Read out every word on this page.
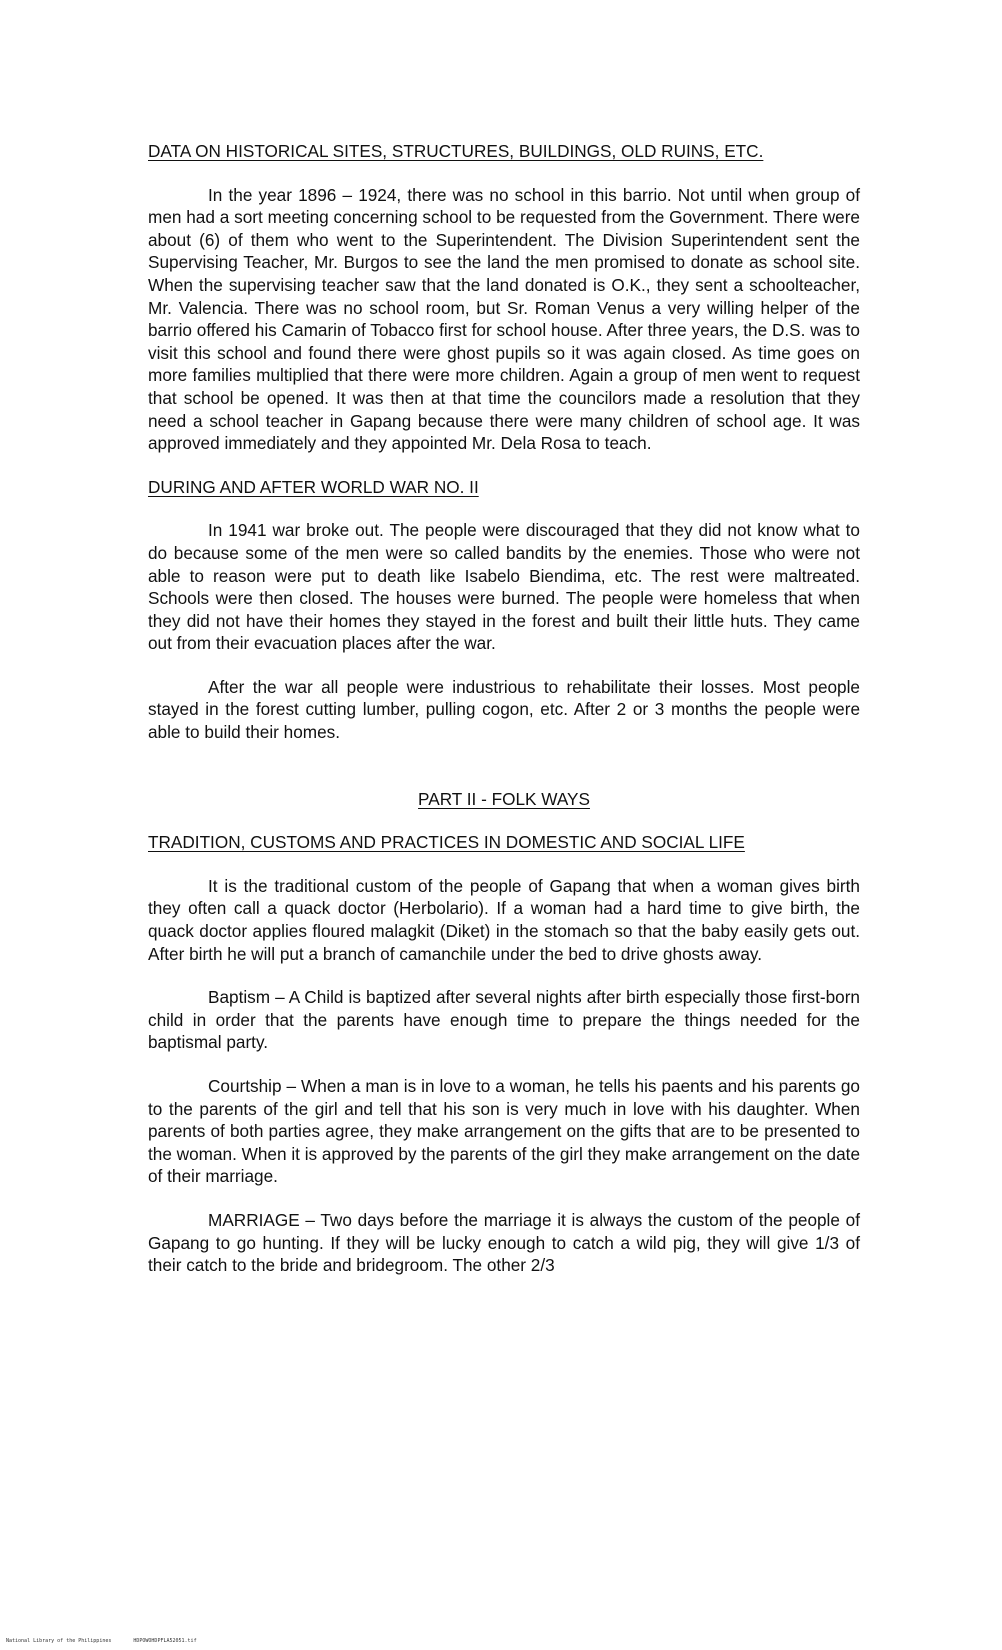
DATA ON HISTORICAL SITES, STRUCTURES, BUILDINGS, OLD RUINS, ETC.

In the year 1896 – 1924, there was no school in this barrio. Not until when group of men had a sort meeting concerning school to be requested from the Government. There were about (6) of them who went to the Superintendent. The Division Superintendent sent the Supervising Teacher, Mr. Burgos to see the land the men promised to donate as school site. When the supervising teacher saw that the land donated is O.K., they sent a schoolteacher, Mr. Valencia. There was no school room, but Sr. Roman Venus a very willing helper of the barrio offered his Camarin of Tobacco first for school house. After three years, the D.S. was to visit this school and found there were ghost pupils so it was again closed. As time goes on more families multiplied that there were more children. Again a group of men went to request that school be opened. It was then at that time the councilors made a resolution that they need a school teacher in Gapang because there were many children of school age. It was approved immediately and they appointed Mr. Dela Rosa to teach.

DURING AND AFTER WORLD WAR NO. II

In 1941 war broke out. The people were discouraged that they did not know what to do because some of the men were so called bandits by the enemies. Those who were not able to reason were put to death like Isabelo Biendima, etc. The rest were maltreated. Schools were then closed. The houses were burned. The people were homeless that when they did not have their homes they stayed in the forest and built their little huts. They came out from their evacuation places after the war.

After the war all people were industrious to rehabilitate their losses. Most people stayed in the forest cutting lumber, pulling cogon, etc. After 2 or 3 months the people were able to build their homes.

PART II - FOLK WAYS
TRADITION, CUSTOMS AND PRACTICES IN DOMESTIC AND SOCIAL LIFE

It is the traditional custom of the people of Gapang that when a woman gives birth they often call a quack doctor (Herbolario). If a woman had a hard time to give birth, the quack doctor applies floured malagkit (Diket) in the stomach so that the baby easily gets out. After birth he will put a branch of camanchile under the bed to drive ghosts away.

Baptism – A Child is baptized after several nights after birth especially those first-born child in order that the parents have enough time to prepare the things needed for the baptismal party.

Courtship – When a man is in love to a woman, he tells his paents and his parents go to the parents of the girl and tell that his son is very much in love with his daughter. When parents of both parties agree, they make arrangement on the gifts that are to be presented to the woman. When it is approved by the parents of the girl they make arrangement on the date of their marriage.

MARRIAGE – Two days before the marriage it is always the custom of the people of Gapang to go hunting. If they will be lucky enough to catch a wild pig, they will give 1/3 of their catch to the bride and bridegroom. The other 2/3

National Library of the Philippines	HDPOWOHDPFLA52051.tif
